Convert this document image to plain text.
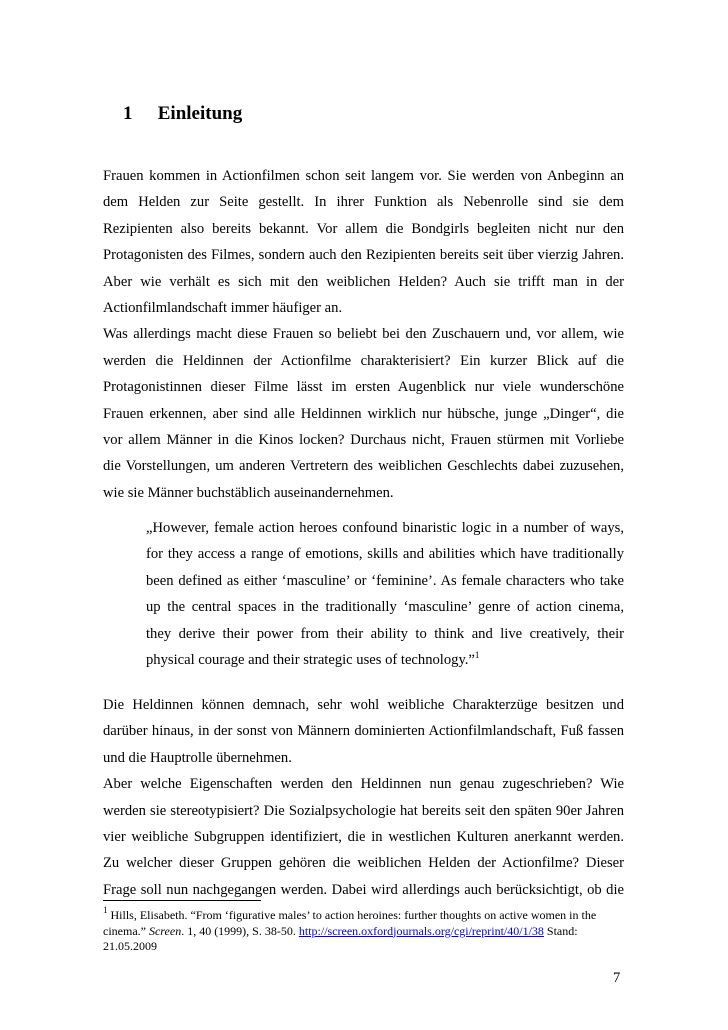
1 Einleitung

Frauen kommen in Actionfilmen schon seit langem vor. Sie werden von Anbeginn an

dem Helden zur Seite gestellt. In ihrer Funktion als Nebenrolle sind sie dem

Rezipienten also bereits bekannt. Vor allem die Bondgirls begleiten nicht nur den

Protagonisten des Filmes, sondern auch den Rezipienten bereits seit über vierzig Jahren.

Aber wie verhält es sich mit den weiblichen Helden? Auch sie trifft man in der

Actionfilmlandschaft immer häufiger an.

Was allerdings macht diese Frauen so beliebt bei den Zuschauern und, vor allem, wie

werden die Heldinnen der Actionfilme charakterisiert? Ein kurzer Blick auf die

Protagonistinnen dieser Filme lässt im ersten Augenblick nur viele wunderschöne

Frauen erkennen, aber sind alle Heldinnen wirklich nur hübsche, junge „Dinger“, die

vor allem Männer in die Kinos locken? Durchaus nicht, Frauen stürmen mit Vorliebe

die Vorstellungen, um anderen Vertretern des weiblichen Geschlechts dabei zuzusehen,

wie sie Männer buchstäblich auseinandernehmen.

„However, female action heroes confound binaristic logic in a number of ways,

for they access a range of emotions, skills and abilities which have traditionally

been defined as either ‘masculine’ or ‘feminine’. As female characters who take

up the central spaces in the traditionally ‘masculine’ genre of action cinema,

they derive their power from their ability to think and live creatively, their

physical courage and their strategic uses of technology.”$^1$

Die Heldinnen können demnach, sehr wohl weibliche Charakterzüge besitzen und

darüber hinaus, in der sonst von Männern dominierten Actionfilmlandschaft, Fuß fassen

und die Hauptrolle übernehmen.

Aber welche Eigenschaften werden den Heldinnen nun genau zugeschrieben? Wie

werden sie stereotypisiert? Die Sozialpsychologie hat bereits seit den späten 90er Jahren

vier weibliche Subgruppen identifiziert, die in westlichen Kulturen anerkannt werden.

Zu welcher dieser Gruppen gehören die weiblichen Helden der Actionfilme? Dieser

Frage soll nun nachgegangen werden. Dabei wird allerdings auch berücksichtigt, ob die

$^1$ Hills, Elisabeth. “From ‘figurative males’ to action heroines: further thoughts on active women in the
cinema.” Screen. 1, 40 (1999), S. 38-50. http://screen.oxfordjournals.org/cgi/reprint/40/1/38 Stand:
21.05.2009
7
